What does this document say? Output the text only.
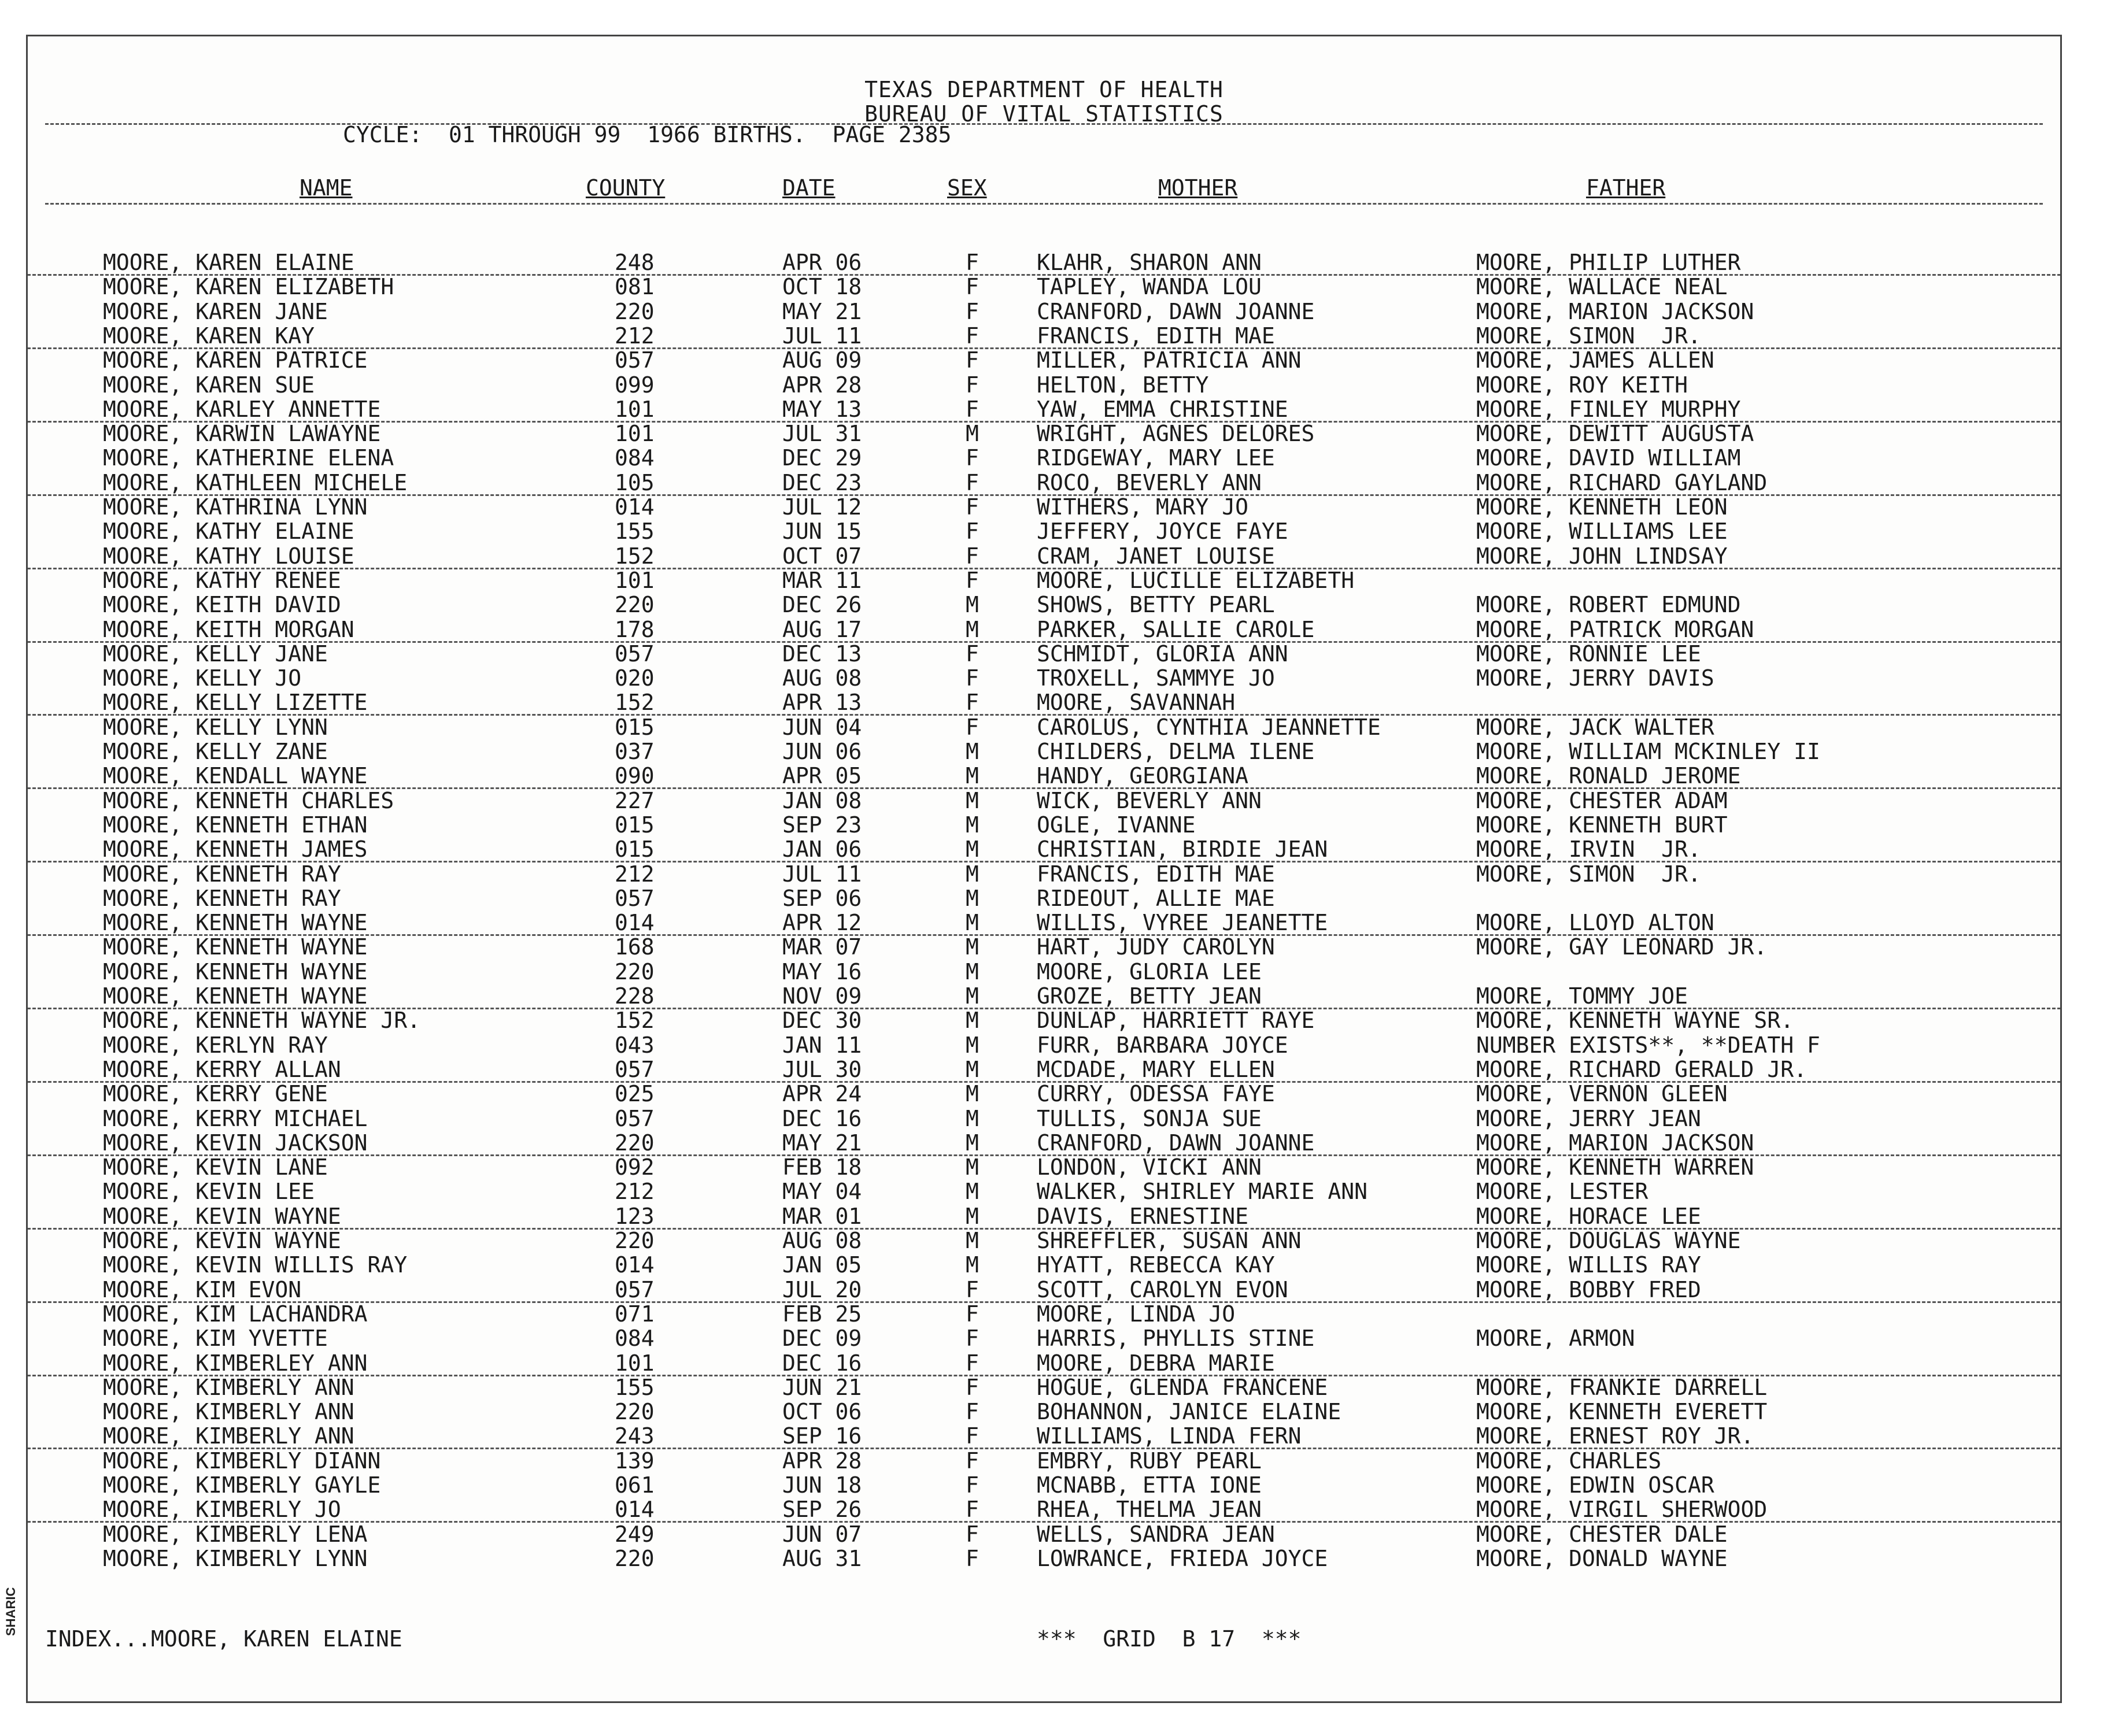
TEXAS DEPARTMENT OF HEALTH
BUREAU OF VITAL STATISTICS
CYCLE:  01 THROUGH 99  1966 BIRTHS.  PAGE 2385
NAME	COUNTY	DATE	SEX	MOTHER	FATHER
MOORE, KAREN ELAINE	248	APR 06	F	KLAHR, SHARON ANN	MOORE, PHILIP LUTHER
MOORE, KAREN ELIZABETH	081	OCT 18	F	TAPLEY, WANDA LOU	MOORE, WALLACE NEAL
MOORE, KAREN JANE	220	MAY 21	F	CRANFORD, DAWN JOANNE	MOORE, MARION JACKSON
MOORE, KAREN KAY	212	JUL 11	F	FRANCIS, EDITH MAE	MOORE, SIMON  JR.
MOORE, KAREN PATRICE	057	AUG 09	F	MILLER, PATRICIA ANN	MOORE, JAMES ALLEN
MOORE, KAREN SUE	099	APR 28	F	HELTON, BETTY	MOORE, ROY KEITH
MOORE, KARLEY ANNETTE	101	MAY 13	F	YAW, EMMA CHRISTINE	MOORE, FINLEY MURPHY
MOORE, KARWIN LAWAYNE	101	JUL 31	M	WRIGHT, AGNES DELORES	MOORE, DEWITT AUGUSTA
MOORE, KATHERINE ELENA	084	DEC 29	F	RIDGEWAY, MARY LEE	MOORE, DAVID WILLIAM
MOORE, KATHLEEN MICHELE	105	DEC 23	F	ROCO, BEVERLY ANN	MOORE, RICHARD GAYLAND
MOORE, KATHRINA LYNN	014	JUL 12	F	WITHERS, MARY JO	MOORE, KENNETH LEON
MOORE, KATHY ELAINE	155	JUN 15	F	JEFFERY, JOYCE FAYE	MOORE, WILLIAMS LEE
MOORE, KATHY LOUISE	152	OCT 07	F	CRAM, JANET LOUISE	MOORE, JOHN LINDSAY
MOORE, KATHY RENEE	101	MAR 11	F	MOORE, LUCILLE ELIZABETH
MOORE, KEITH DAVID	220	DEC 26	M	SHOWS, BETTY PEARL	MOORE, ROBERT EDMUND
MOORE, KEITH MORGAN	178	AUG 17	M	PARKER, SALLIE CAROLE	MOORE, PATRICK MORGAN
MOORE, KELLY JANE	057	DEC 13	F	SCHMIDT, GLORIA ANN	MOORE, RONNIE LEE
MOORE, KELLY JO	020	AUG 08	F	TROXELL, SAMMYE JO	MOORE, JERRY DAVIS
MOORE, KELLY LIZETTE	152	APR 13	F	MOORE, SAVANNAH
MOORE, KELLY LYNN	015	JUN 04	F	CAROLUS, CYNTHIA JEANNETTE	MOORE, JACK WALTER
MOORE, KELLY ZANE	037	JUN 06	M	CHILDERS, DELMA ILENE	MOORE, WILLIAM MCKINLEY II
MOORE, KENDALL WAYNE	090	APR 05	M	HANDY, GEORGIANA	MOORE, RONALD JEROME
MOORE, KENNETH CHARLES	227	JAN 08	M	WICK, BEVERLY ANN	MOORE, CHESTER ADAM
MOORE, KENNETH ETHAN	015	SEP 23	M	OGLE, IVANNE	MOORE, KENNETH BURT
MOORE, KENNETH JAMES	015	JAN 06	M	CHRISTIAN, BIRDIE JEAN	MOORE, IRVIN  JR.
MOORE, KENNETH RAY	212	JUL 11	M	FRANCIS, EDITH MAE	MOORE, SIMON  JR.
MOORE, KENNETH RAY	057	SEP 06	M	RIDEOUT, ALLIE MAE
MOORE, KENNETH WAYNE	014	APR 12	M	WILLIS, VYREE JEANETTE	MOORE, LLOYD ALTON
MOORE, KENNETH WAYNE	168	MAR 07	M	HART, JUDY CAROLYN	MOORE, GAY LEONARD JR.
MOORE, KENNETH WAYNE	220	MAY 16	M	MOORE, GLORIA LEE
MOORE, KENNETH WAYNE	228	NOV 09	M	GROZE, BETTY JEAN	MOORE, TOMMY JOE
MOORE, KENNETH WAYNE JR.	152	DEC 30	M	DUNLAP, HARRIETT RAYE	MOORE, KENNETH WAYNE SR.
MOORE, KERLYN RAY	043	JAN 11	M	FURR, BARBARA JOYCE	NUMBER EXISTS**, **DEATH F
MOORE, KERRY ALLAN	057	JUL 30	M	MCDADE, MARY ELLEN	MOORE, RICHARD GERALD JR.
MOORE, KERRY GENE	025	APR 24	M	CURRY, ODESSA FAYE	MOORE, VERNON GLEEN
MOORE, KERRY MICHAEL	057	DEC 16	M	TULLIS, SONJA SUE	MOORE, JERRY JEAN
MOORE, KEVIN JACKSON	220	MAY 21	M	CRANFORD, DAWN JOANNE	MOORE, MARION JACKSON
MOORE, KEVIN LANE	092	FEB 18	M	LONDON, VICKI ANN	MOORE, KENNETH WARREN
MOORE, KEVIN LEE	212	MAY 04	M	WALKER, SHIRLEY MARIE ANN	MOORE, LESTER
MOORE, KEVIN WAYNE	123	MAR 01	M	DAVIS, ERNESTINE	MOORE, HORACE LEE
MOORE, KEVIN WAYNE	220	AUG 08	M	SHREFFLER, SUSAN ANN	MOORE, DOUGLAS WAYNE
MOORE, KEVIN WILLIS RAY	014	JAN 05	M	HYATT, REBECCA KAY	MOORE, WILLIS RAY
MOORE, KIM EVON	057	JUL 20	F	SCOTT, CAROLYN EVON	MOORE, BOBBY FRED
MOORE, KIM LACHANDRA	071	FEB 25	F	MOORE, LINDA JO
MOORE, KIM YVETTE	084	DEC 09	F	HARRIS, PHYLLIS STINE	MOORE, ARMON
MOORE, KIMBERLEY ANN	101	DEC 16	F	MOORE, DEBRA MARIE
MOORE, KIMBERLY ANN	155	JUN 21	F	HOGUE, GLENDA FRANCENE	MOORE, FRANKIE DARRELL
MOORE, KIMBERLY ANN	220	OCT 06	F	BOHANNON, JANICE ELAINE	MOORE, KENNETH EVERETT
MOORE, KIMBERLY ANN	243	SEP 16	F	WILLIAMS, LINDA FERN	MOORE, ERNEST ROY JR.
MOORE, KIMBERLY DIANN	139	APR 28	F	EMBRY, RUBY PEARL	MOORE, CHARLES
MOORE, KIMBERLY GAYLE	061	JUN 18	F	MCNABB, ETTA IONE	MOORE, EDWIN OSCAR
MOORE, KIMBERLY JO	014	SEP 26	F	RHEA, THELMA JEAN	MOORE, VIRGIL SHERWOOD
MOORE, KIMBERLY LENA	249	JUN 07	F	WELLS, SANDRA JEAN	MOORE, CHESTER DALE
MOORE, KIMBERLY LYNN	220	AUG 31	F	LOWRANCE, FRIEDA JOYCE	MOORE, DONALD WAYNE
INDEX...MOORE, KAREN ELAINE	***  GRID  B 17  ***
SHARIC
